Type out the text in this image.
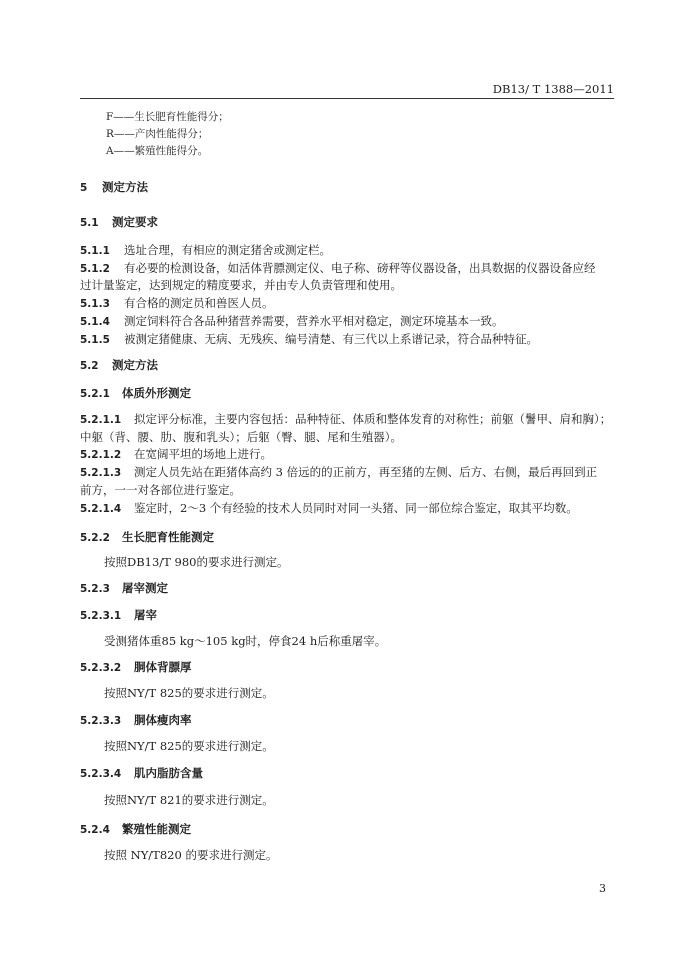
DB13/ T 1388—2011
F——生长肥育性能得分；
R——产肉性能得分；
A——繁殖性能得分。
5 测定方法
5.1 测定要求
5.1.1 选址合理，有相应的测定猪舍或测定栏。
5.1.2 有必要的检测设备，如活体背膘测定仪、电子称、磅秤等仪器设备，出具数据的仪器设备应经
过计量鉴定，达到规定的精度要求，并由专人负责管理和使用。
5.1.3 有合格的测定员和兽医人员。
5.1.4 测定饲料符合各品种猪营养需要，营养水平相对稳定，测定环境基本一致。
5.1.5 被测定猪健康、无病、无残疾、编号清楚、有三代以上系谱记录，符合品种特征。
5.2 测定方法
5.2.1 体质外形测定
5.2.1.1 拟定评分标准，主要内容包括：品种特征、体质和整体发育的对称性；前躯（鬐甲、肩和胸）；
中躯（背、腰、肋、腹和乳头）；后躯（臀、腿、尾和生殖器）。
5.2.1.2 在宽阔平坦的场地上进行。
5.2.1.3 测定人员先站在距猪体高约 3 倍远的的正前方，再至猪的左侧、后方、右侧，最后再回到正
前方，一一对各部位进行鉴定。
5.2.1.4 鉴定时，2～3 个有经验的技术人员同时对同一头猪、同一部位综合鉴定，取其平均数。
5.2.2 生长肥育性能测定
按照DB13/T 980的要求进行测定。
5.2.3 屠宰测定
5.2.3.1 屠宰
受测猪体重85 kg～105 kg时，停食24 h后称重屠宰。
5.2.3.2 胴体背膘厚
按照NY/T 825的要求进行测定。
5.2.3.3 胴体瘦肉率
按照NY/T 825的要求进行测定。
5.2.3.4 肌内脂肪含量
按照NY/T 821的要求进行测定。
5.2.4 繁殖性能测定
按照 NY/T820 的要求进行测定。
3
